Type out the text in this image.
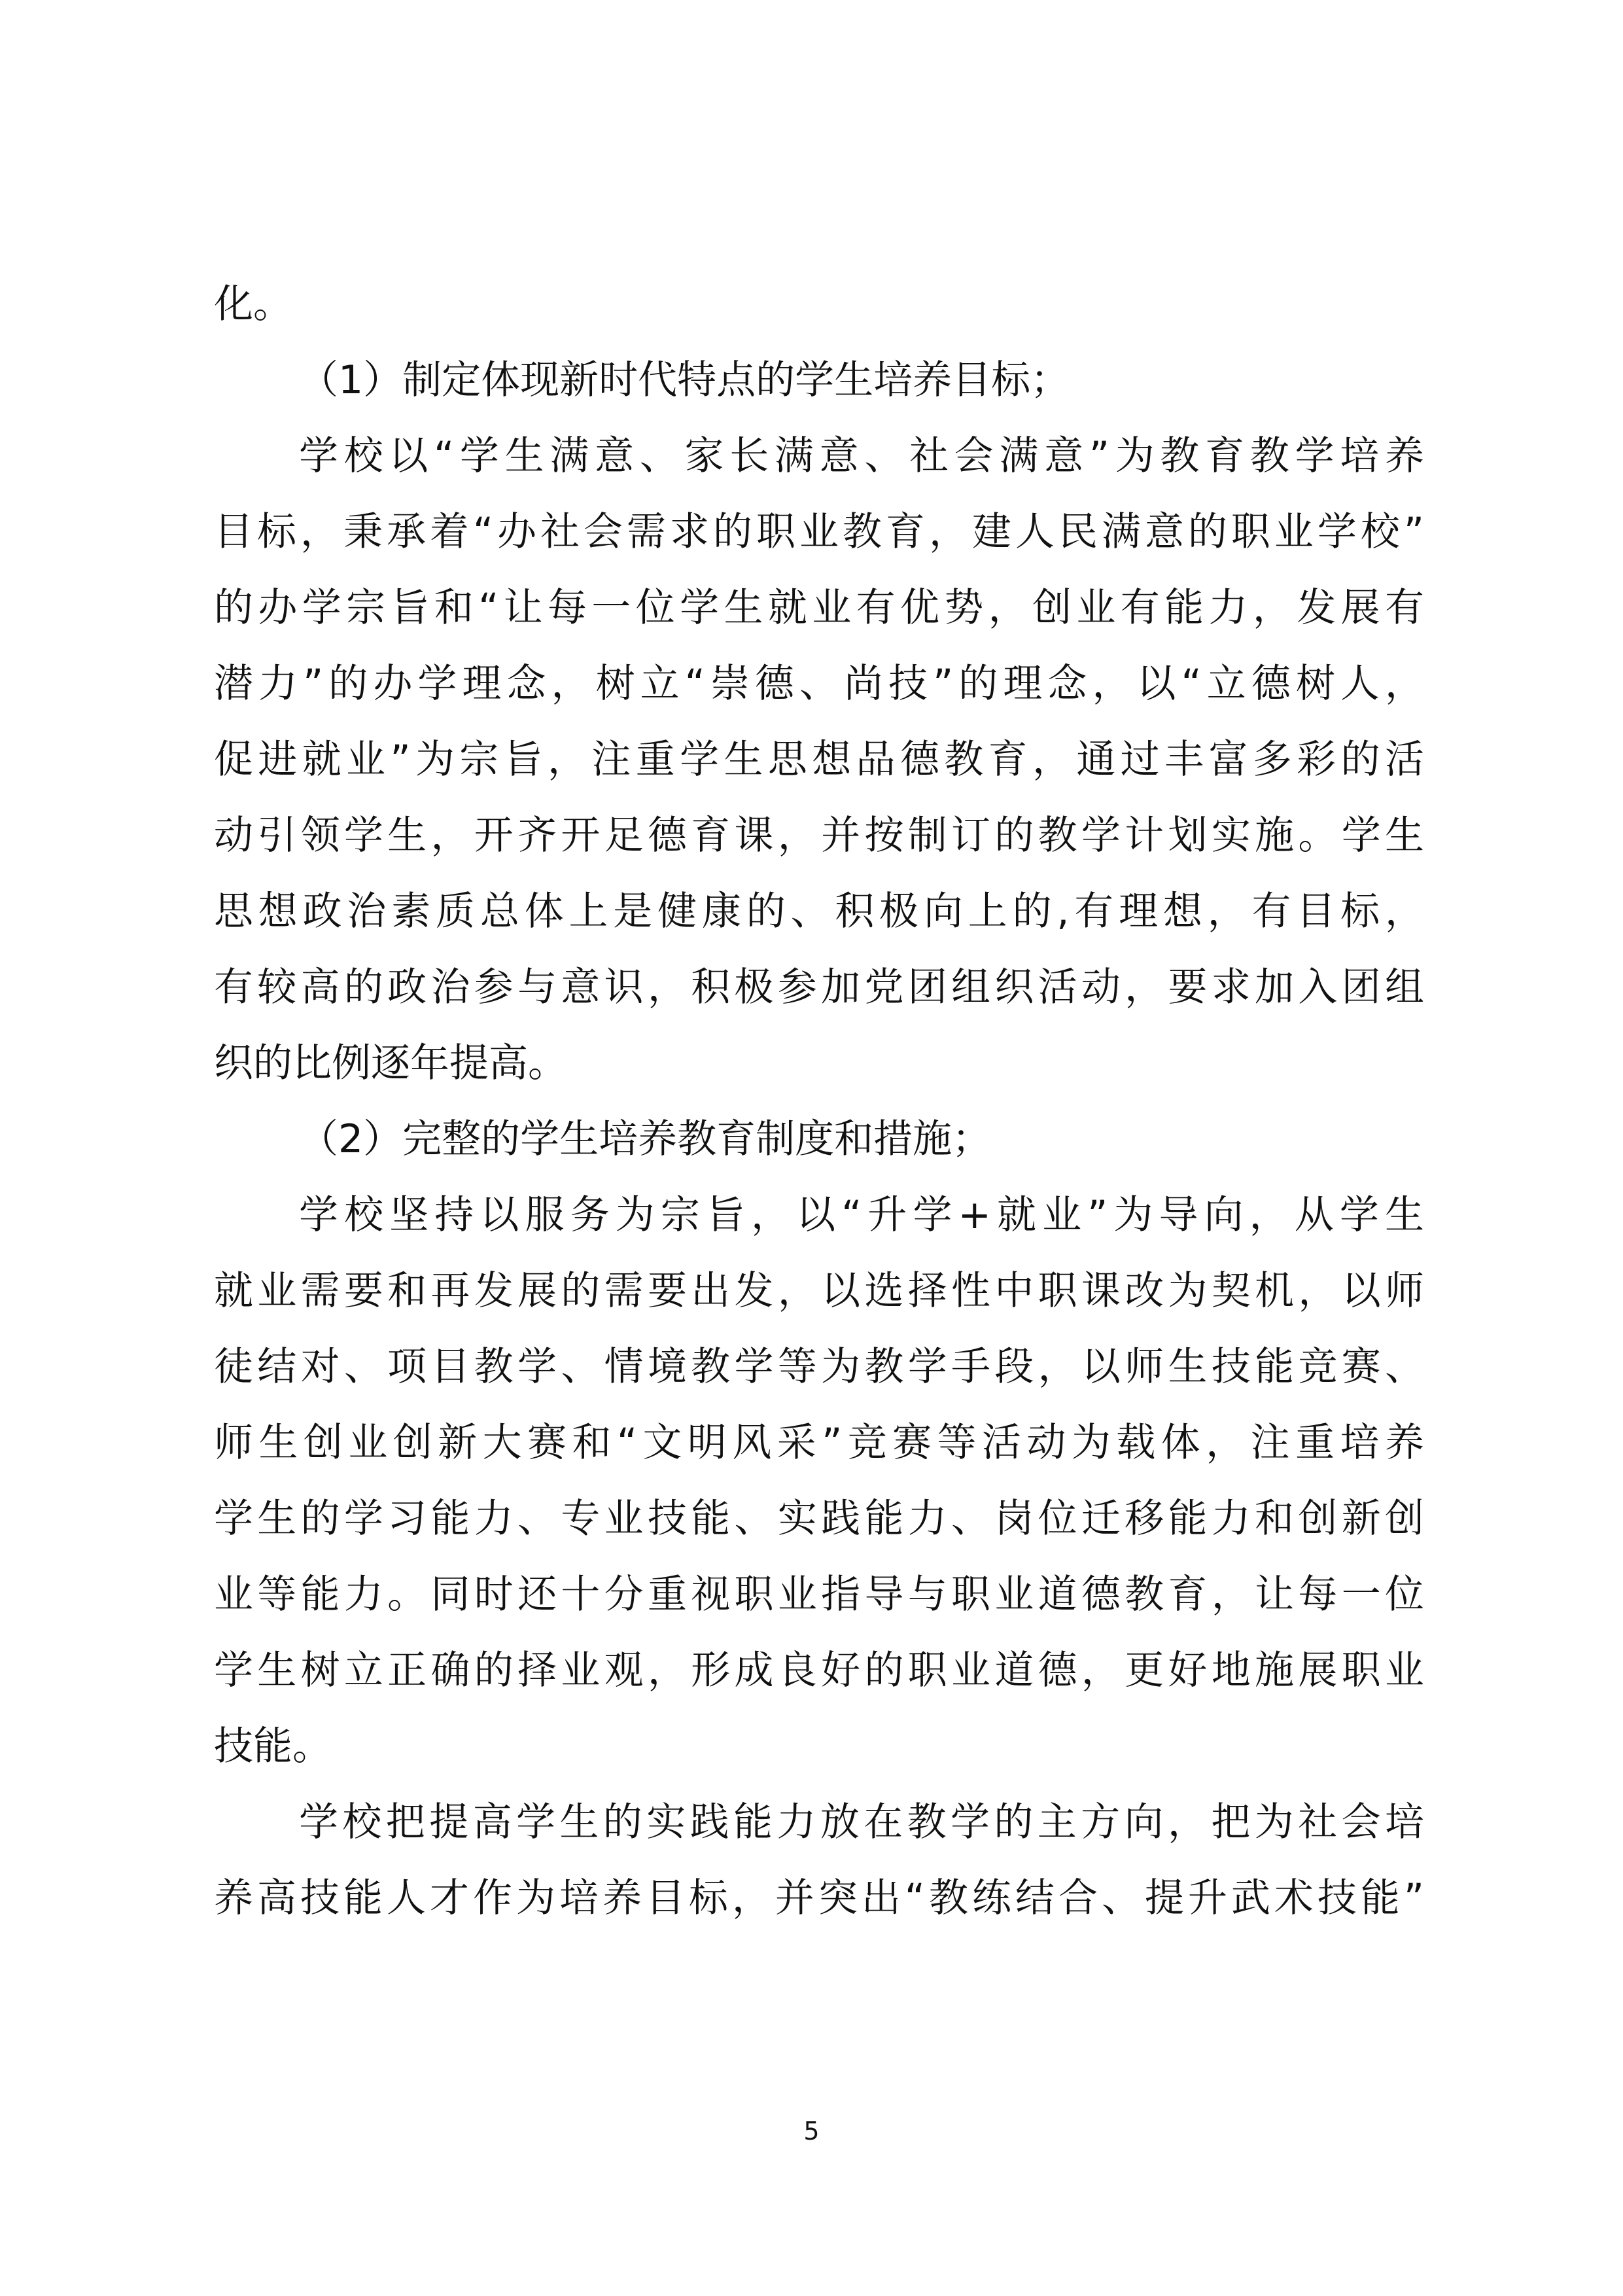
化。
（1）制定体现新时代特点的学生培养目标；
学校以“学生满意、家长满意、社会满意”为教育教学培养
目标，秉承着“办社会需求的职业教育，建人民满意的职业学校”
的办学宗旨和“让每一位学生就业有优势，创业有能力，发展有
潜力”的办学理念，树立“崇德、尚技”的理念，以“立德树人，
促进就业”为宗旨，注重学生思想品德教育，通过丰富多彩的活
动引领学生，开齐开足德育课，并按制订的教学计划实施。学生
思想政治素质总体上是健康的、积极向上的,有理想，有目标，
有较高的政治参与意识，积极参加党团组织活动，要求加入团组
织的比例逐年提高。
（2）完整的学生培养教育制度和措施；
学校坚持以服务为宗旨，以“升学+就业”为导向，从学生
就业需要和再发展的需要出发，以选择性中职课改为契机，以师
徒结对、项目教学、情境教学等为教学手段，以师生技能竞赛、
师生创业创新大赛和“文明风采”竞赛等活动为载体，注重培养
学生的学习能力、专业技能、实践能力、岗位迁移能力和创新创
业等能力。同时还十分重视职业指导与职业道德教育，让每一位
学生树立正确的择业观，形成良好的职业道德，更好地施展职业
技能。
学校把提高学生的实践能力放在教学的主方向，把为社会培
养高技能人才作为培养目标，并突出“教练结合、提升武术技能”
5
